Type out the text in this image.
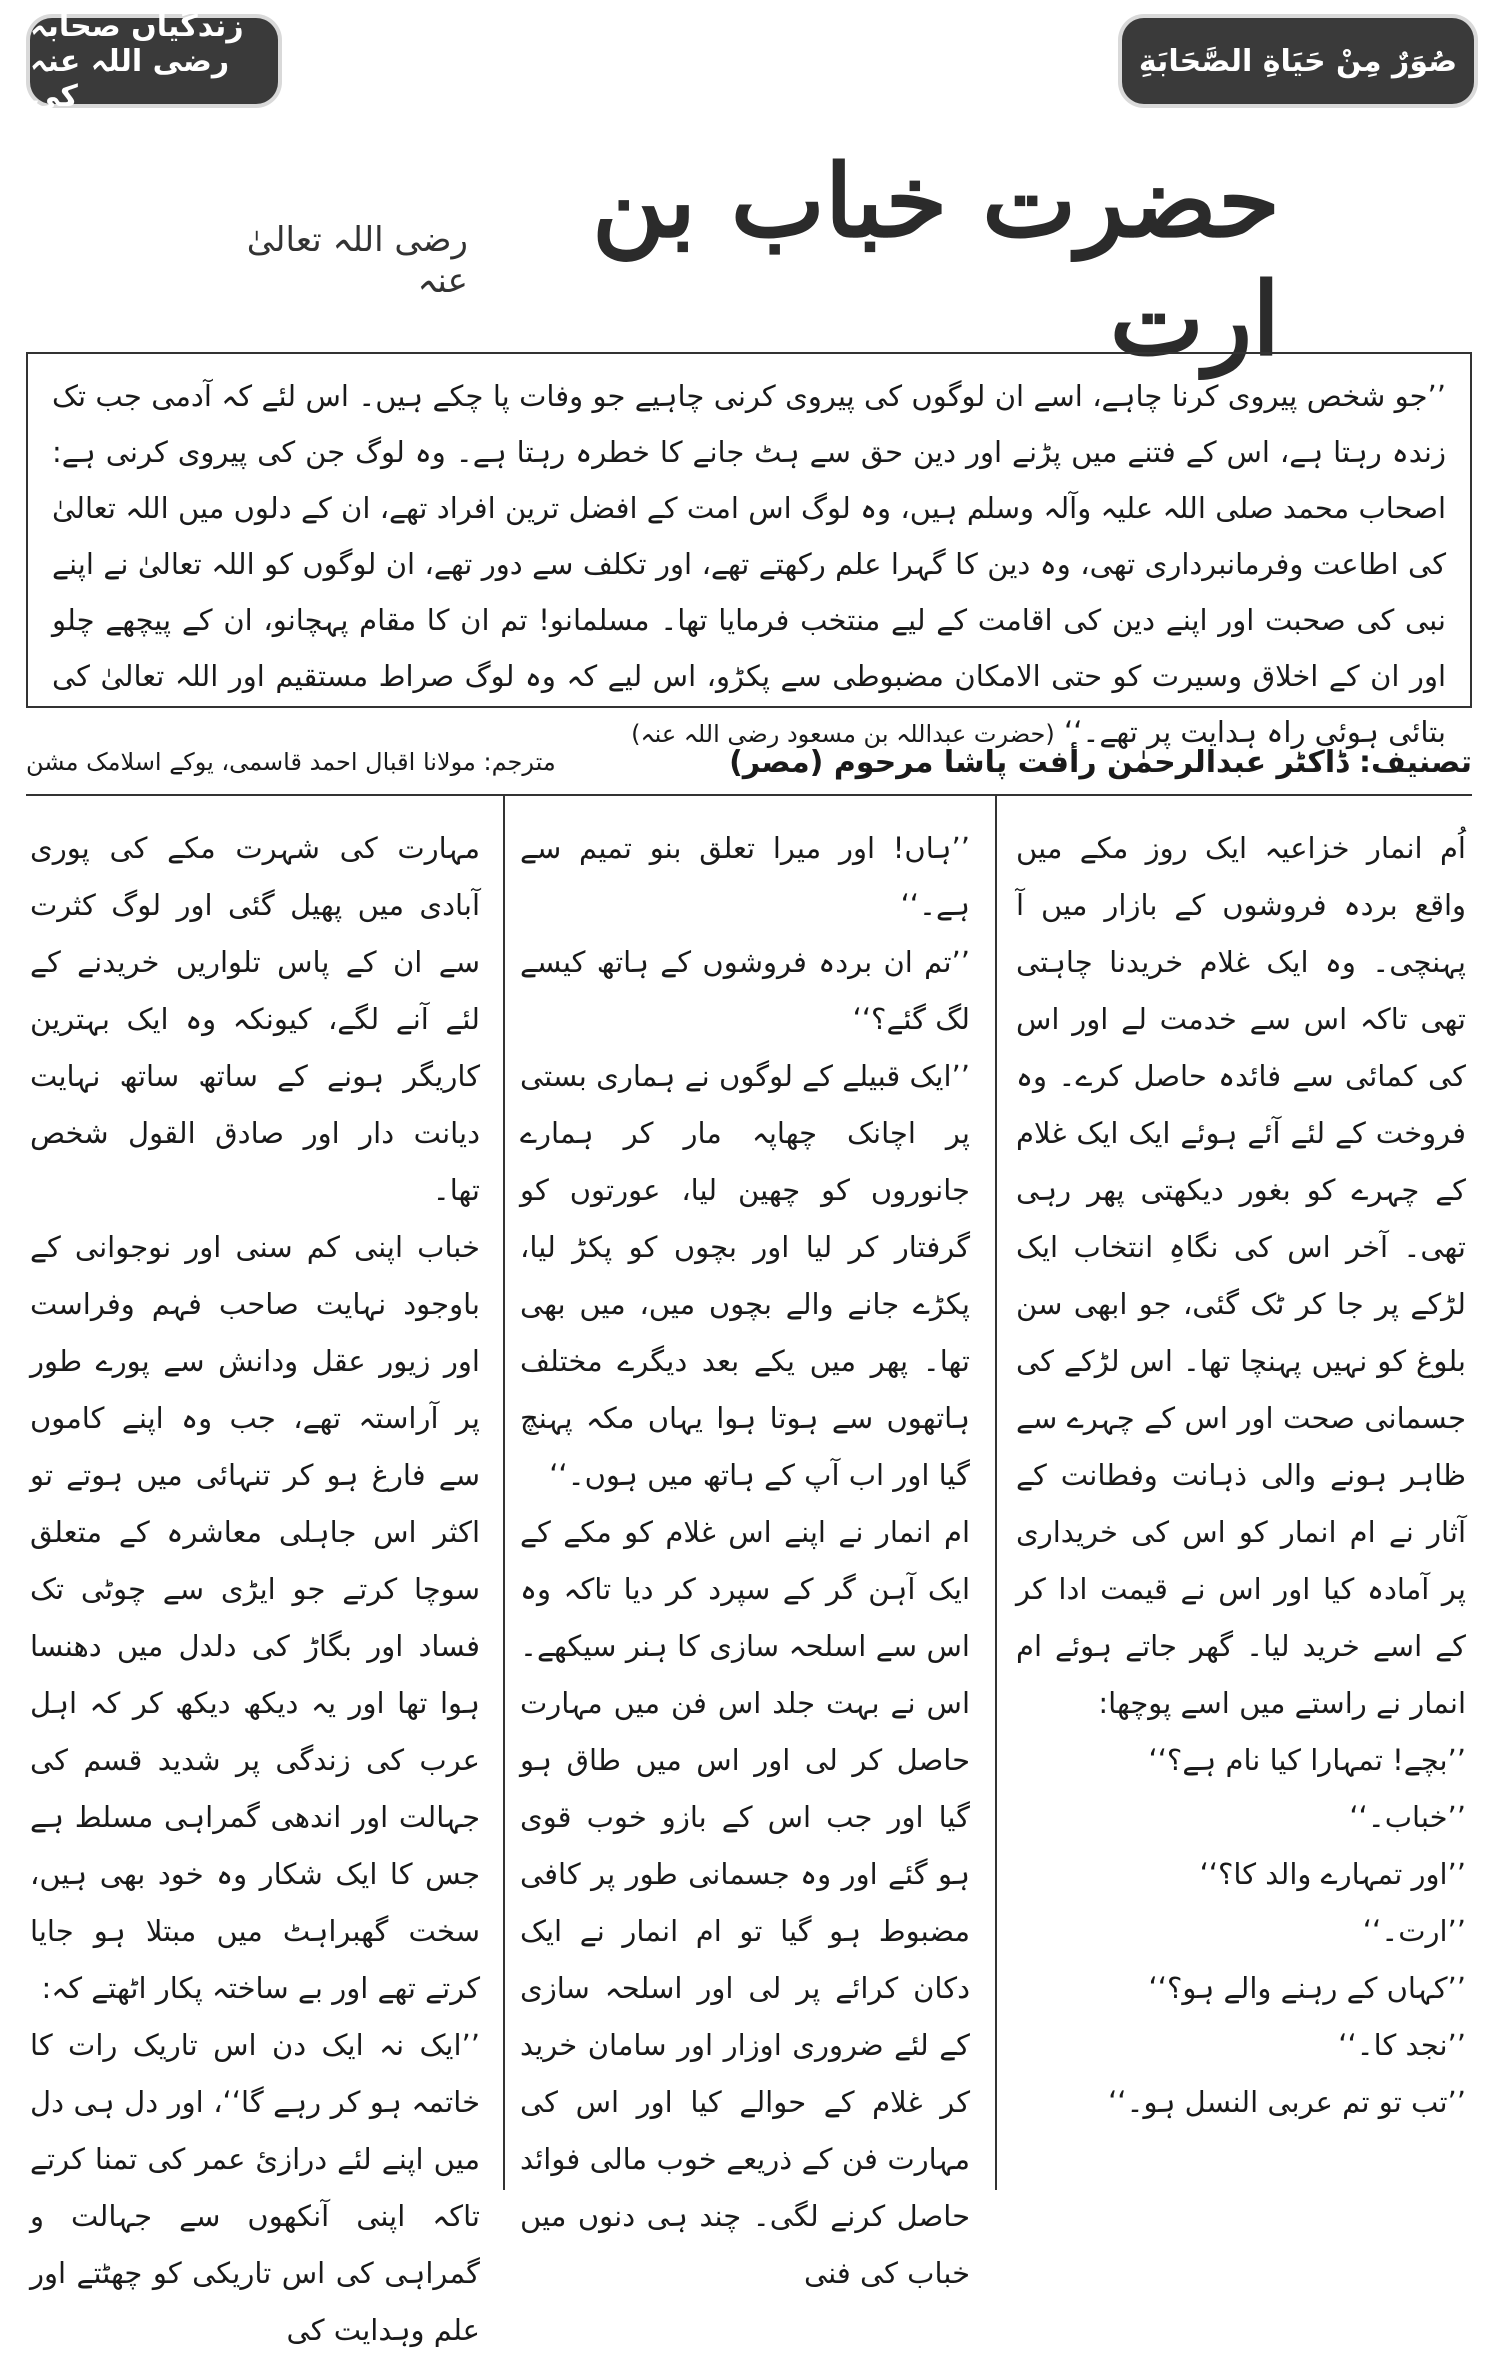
صُوَرٌ مِنْ حَيَاةِ الصَّحَابَةِ
زندگیاں صحابہ رضی اللہ عنہ کی
حضرت خباب بن ارت
رضی اللہ تعالیٰ عنہ

’’جو شخص پیروی کرنا چاہے، اسے ان لوگوں کی پیروی کرنی چاہیے جو وفات پا چکے ہیں۔ اس لئے کہ آدمی جب تک زندہ رہتا ہے، اس کے فتنے میں پڑنے اور دین حق سے ہٹ جانے کا خطرہ رہتا ہے۔ وہ لوگ جن کی پیروی کرنی ہے: اصحاب محمد صلی اللہ علیہ وآلہ وسلم ہیں، وہ لوگ اس امت کے افضل ترین افراد تھے، ان کے دلوں میں اللہ تعالیٰ کی اطاعت وفرمانبرداری تھی، وہ دین کا گہرا علم رکھتے تھے، اور تکلف سے دور تھے، ان لوگوں کو اللہ تعالیٰ نے اپنے نبی کی صحبت اور اپنے دین کی اقامت کے لیے منتخب فرمایا تھا۔ مسلمانو! تم ان کا مقام پہچانو، ان کے پیچھے چلو اور ان کے اخلاق وسیرت کو حتی الامکان مضبوطی سے پکڑو، اس لیے کہ وہ لوگ صراط مستقیم اور اللہ تعالیٰ کی بتائی ہوئی راہ ہدایت پر تھے۔‘‘ (حضرت عبداللہ بن مسعود رضی اللہ عنہ)

تصنیف: ڈاکٹر عبدالرحمٰن رأفت پاشا مرحوم (مصر)
مترجم: مولانا اقبال احمد قاسمی، یوکے اسلامک مشن

اُم انمار خزاعیہ ایک روز مکے میں واقع بردہ فروشوں کے بازار میں آ پہنچی۔ وہ ایک غلام خریدنا چاہتی تھی تاکہ اس سے خدمت لے اور اس کی کمائی سے فائدہ حاصل کرے۔ وہ فروخت کے لئے آئے ہوئے ایک ایک غلام کے چہرے کو بغور دیکھتی پھر رہی تھی۔ آخر اس کی نگاہِ انتخاب ایک لڑکے پر جا کر ٹک گئی، جو ابھی سن بلوغ کو نہیں پہنچا تھا۔ اس لڑکے کی جسمانی صحت اور اس کے چہرے سے ظاہر ہونے والی ذہانت وفطانت کے آثار نے ام انمار کو اس کی خریداری پر آمادہ کیا اور اس نے قیمت ادا کر کے اسے خرید لیا۔ گھر جاتے ہوئے ام انمار نے راستے میں اسے پوچھا:

’’بچے! تمہارا کیا نام ہے؟‘‘

’’خباب۔‘‘

’’اور تمہارے والد کا؟‘‘

’’ارت۔‘‘

’’کہاں کے رہنے والے ہو؟‘‘

’’نجد کا۔‘‘

’’تب تو تم عربی النسل ہو۔‘‘

’’ہاں! اور میرا تعلق بنو تمیم سے ہے۔‘‘

’’تم ان بردہ فروشوں کے ہاتھ کیسے لگ گئے؟‘‘

’’ایک قبیلے کے لوگوں نے ہماری بستی پر اچانک چھاپہ مار کر ہمارے جانوروں کو چھین لیا، عورتوں کو گرفتار کر لیا اور بچوں کو پکڑ لیا، پکڑے جانے والے بچوں میں، میں بھی تھا۔ پھر میں یکے بعد دیگرے مختلف ہاتھوں سے ہوتا ہوا یہاں مکہ پہنچ گیا اور اب آپ کے ہاتھ میں ہوں۔‘‘

ام انمار نے اپنے اس غلام کو مکے کے ایک آہن گر کے سپرد کر دیا تاکہ وہ اس سے اسلحہ سازی کا ہنر سیکھے۔ اس نے بہت جلد اس فن میں مہارت حاصل کر لی اور اس میں طاق ہو گیا اور جب اس کے بازو خوب قوی ہو گئے اور وہ جسمانی طور پر کافی مضبوط ہو گیا تو ام انمار نے ایک دکان کرائے پر لی اور اسلحہ سازی کے لئے ضروری اوزار اور سامان خرید کر غلام کے حوالے کیا اور اس کی مہارت فن کے ذریعے خوب مالی فوائد حاصل کرنے لگی۔ چند ہی دنوں میں خباب کی فنی

مہارت کی شہرت مکے کی پوری آبادی میں پھیل گئی اور لوگ کثرت سے ان کے پاس تلواریں خریدنے کے لئے آنے لگے، کیونکہ وہ ایک بہترین کاریگر ہونے کے ساتھ ساتھ نہایت دیانت دار اور صادق القول شخص تھا۔

خباب اپنی کم سنی اور نوجوانی کے باوجود نہایت صاحب فہم وفراست اور زیور عقل ودانش سے پورے طور پر آراستہ تھے، جب وہ اپنے کاموں سے فارغ ہو کر تنہائی میں ہوتے تو اکثر اس جاہلی معاشرہ کے متعلق سوچا کرتے جو ایڑی سے چوٹی تک فساد اور بگاڑ کی دلدل میں دھنسا ہوا تھا اور یہ دیکھ دیکھ کر کہ اہل عرب کی زندگی پر شدید قسم کی جہالت اور اندھی گمراہی مسلط ہے جس کا ایک شکار وہ خود بھی ہیں، سخت گھبراہٹ میں مبتلا ہو جایا کرتے تھے اور بے ساختہ پکار اٹھتے کہ:

’’ایک نہ ایک دن اس تاریک رات کا خاتمہ ہو کر رہے گا‘‘، اور دل ہی دل میں اپنے لئے درازیٔ عمر کی تمنا کرتے تاکہ اپنی آنکھوں سے جہالت و گمراہی کی اس تاریکی کو چھٹتے اور علم وہدایت کی
